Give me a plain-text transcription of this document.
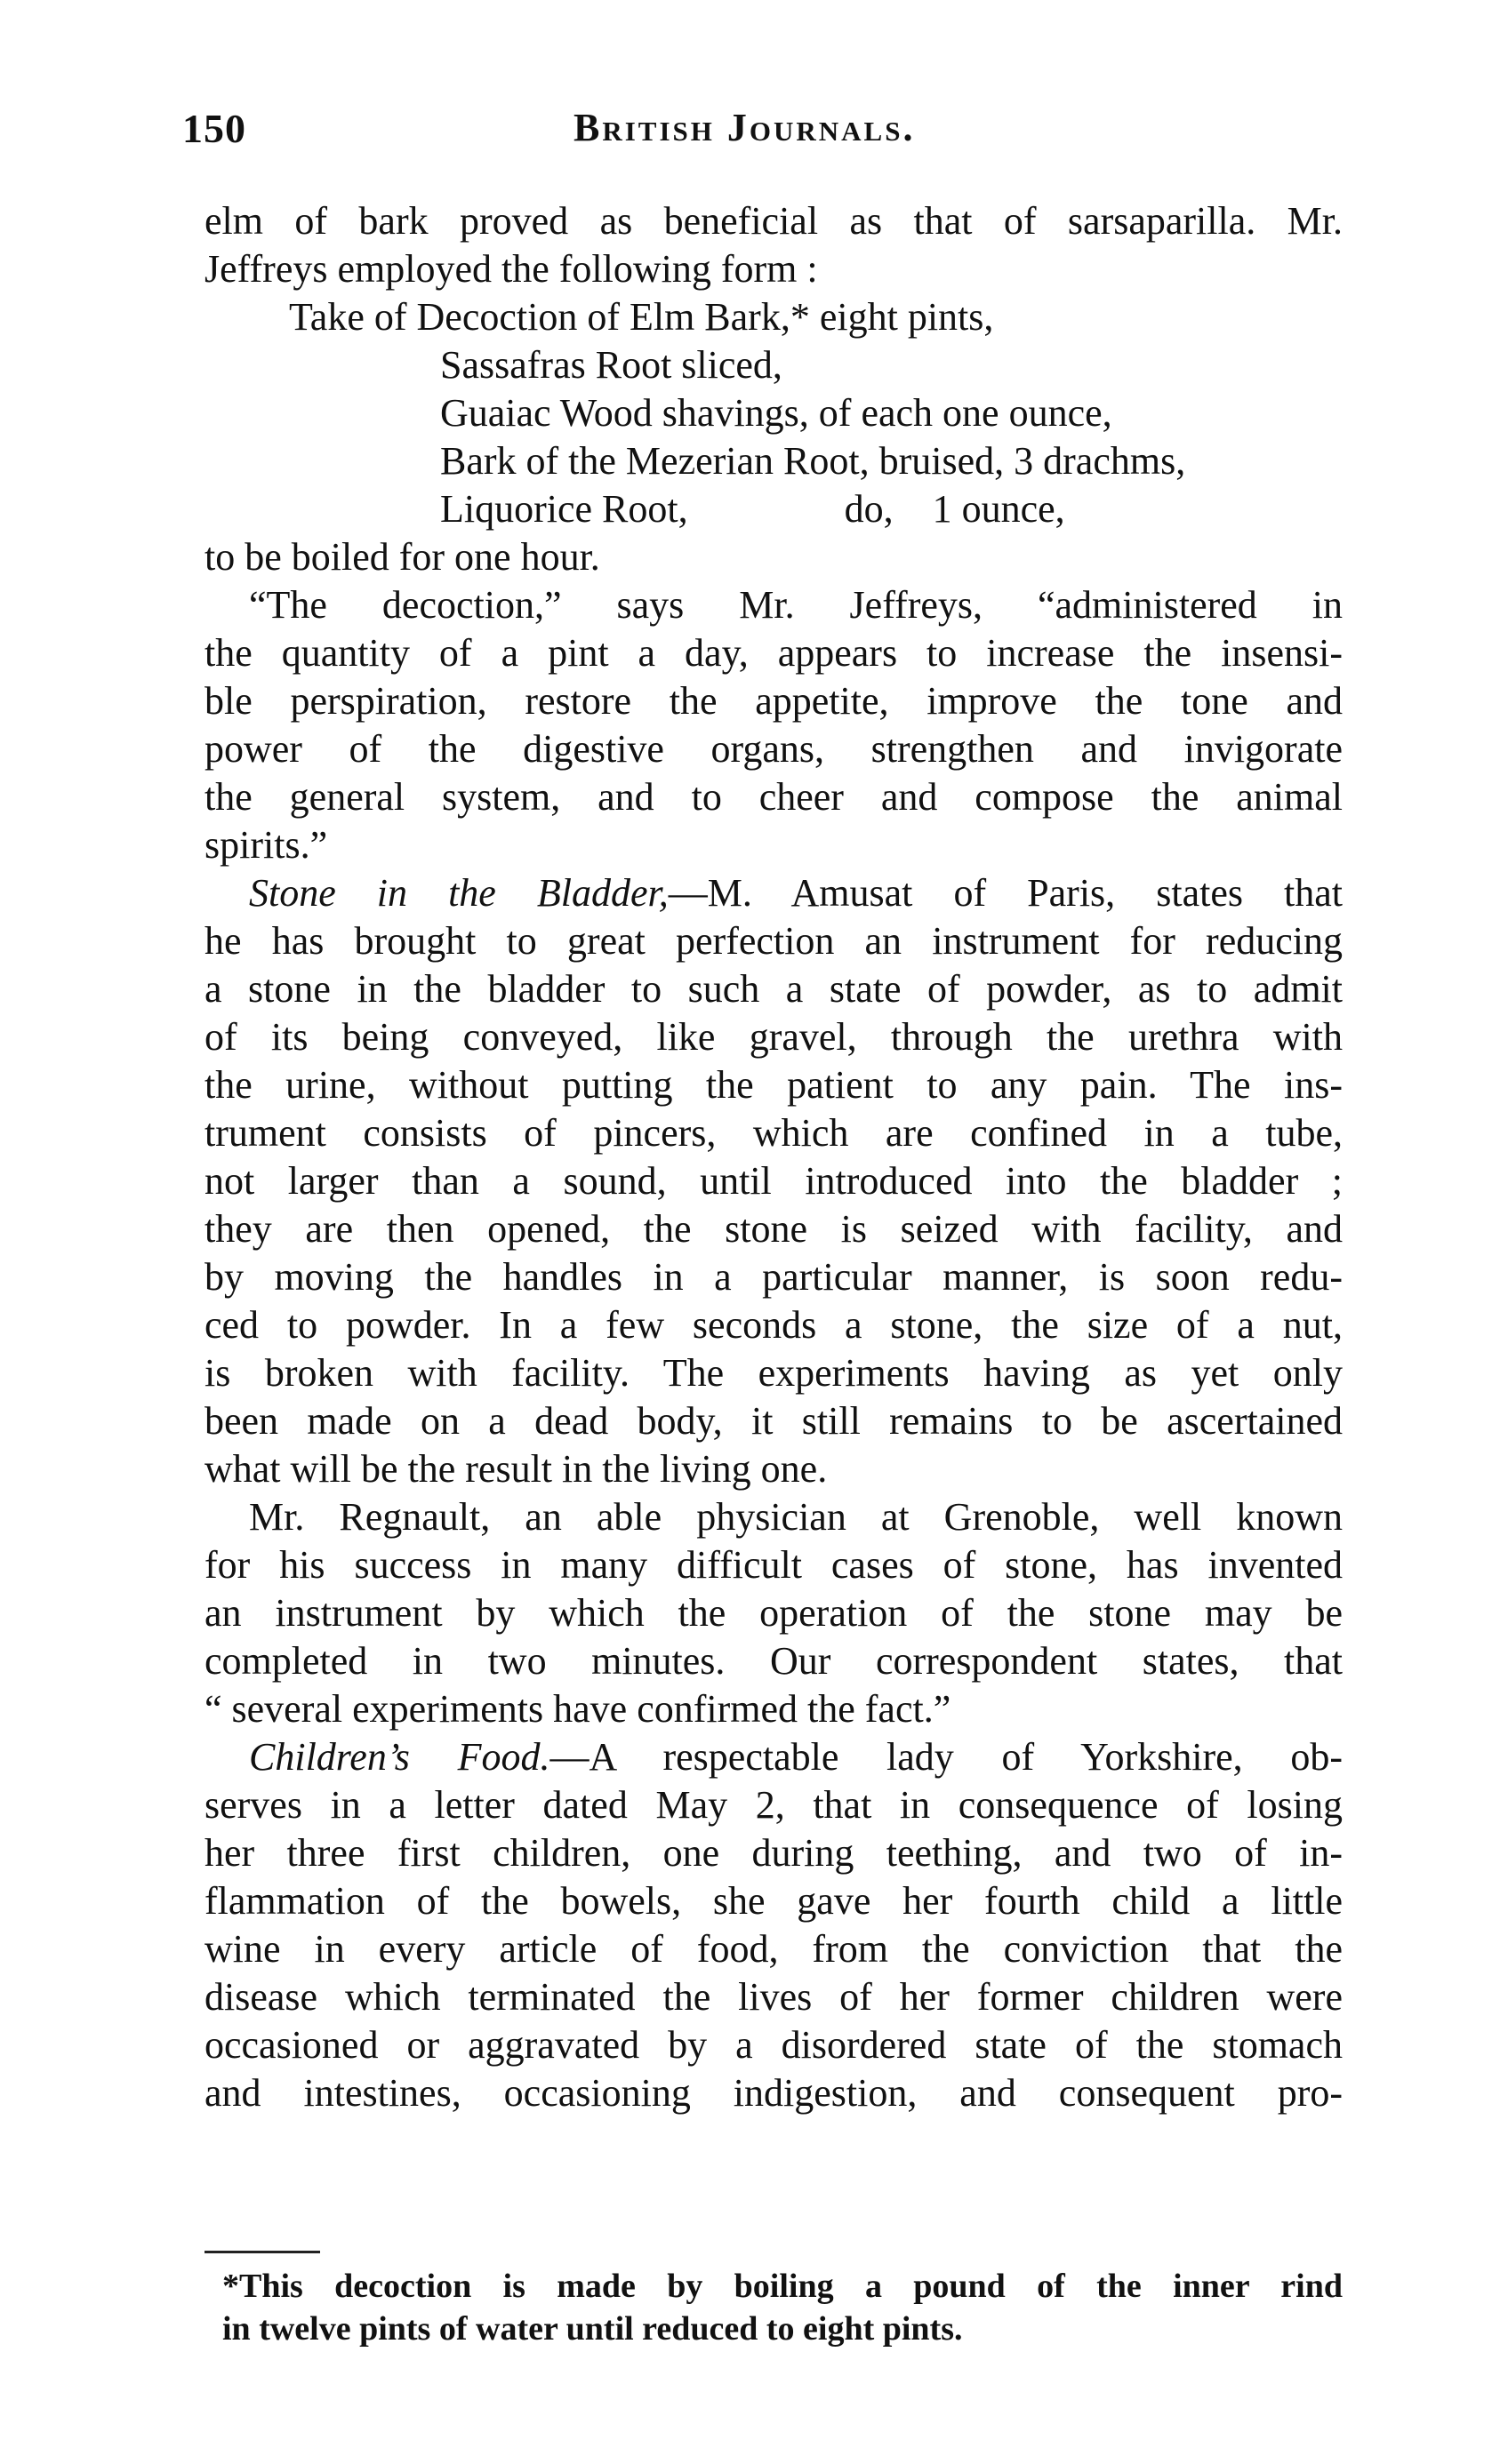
150	British Journals.
elm of bark proved as beneficial as that of sarsaparilla. Mr.
Jeffreys employed the following form :
Take of Decoction of Elm Bark,* eight pints,
Sassafras Root sliced,
Guaiac Wood shavings, of each one ounce,
Bark of the Mezerian Root, bruised, 3 drachms,
Liquorice Root,                do,    1 ounce,
to be boiled for one hour.
“The decoction,” says Mr. Jeffreys, “administered in
the quantity of a pint a day, appears to increase the insensi-
ble perspiration, restore the appetite, improve the tone and
power of the digestive organs, strengthen and invigorate
the general system, and to cheer and compose the animal
spirits.”
Stone in the Bladder,—M. Amusat of Paris, states that
he has brought to great perfection an instrument for reducing
a stone in the bladder to such a state of powder, as to admit
of its being conveyed, like gravel, through the urethra with
the urine, without putting the patient to any pain. The ins-
trument consists of pincers, which are confined in a tube,
not larger than a sound, until introduced into the bladder ;
they are then opened, the stone is seized with facility, and
by moving the handles in a particular manner, is soon redu-
ced to powder. In a few seconds a stone, the size of a nut,
is broken with facility. The experiments having as yet only
been made on a dead body, it still remains to be ascertained
what will be the result in the living one.
Mr. Regnault, an able physician at Grenoble, well known
for his success in many difficult cases of stone, has invented
an instrument by which the operation of the stone may be
completed in two minutes. Our correspondent states, that
“ several experiments have confirmed the fact.”
Children’s Food.—A respectable lady of Yorkshire, ob-
serves in a letter dated May 2, that in consequence of losing
her three first children, one during teething, and two of in-
flammation of the bowels, she gave her fourth child a little
wine in every article of food, from the conviction that the
disease which terminated the lives of her former children were
occasioned or aggravated by a disordered state of the stomach
and intestines, occasioning indigestion, and consequent pro-
*This decoction is made by boiling a pound of the inner rind
in twelve pints of water until reduced to eight pints.
